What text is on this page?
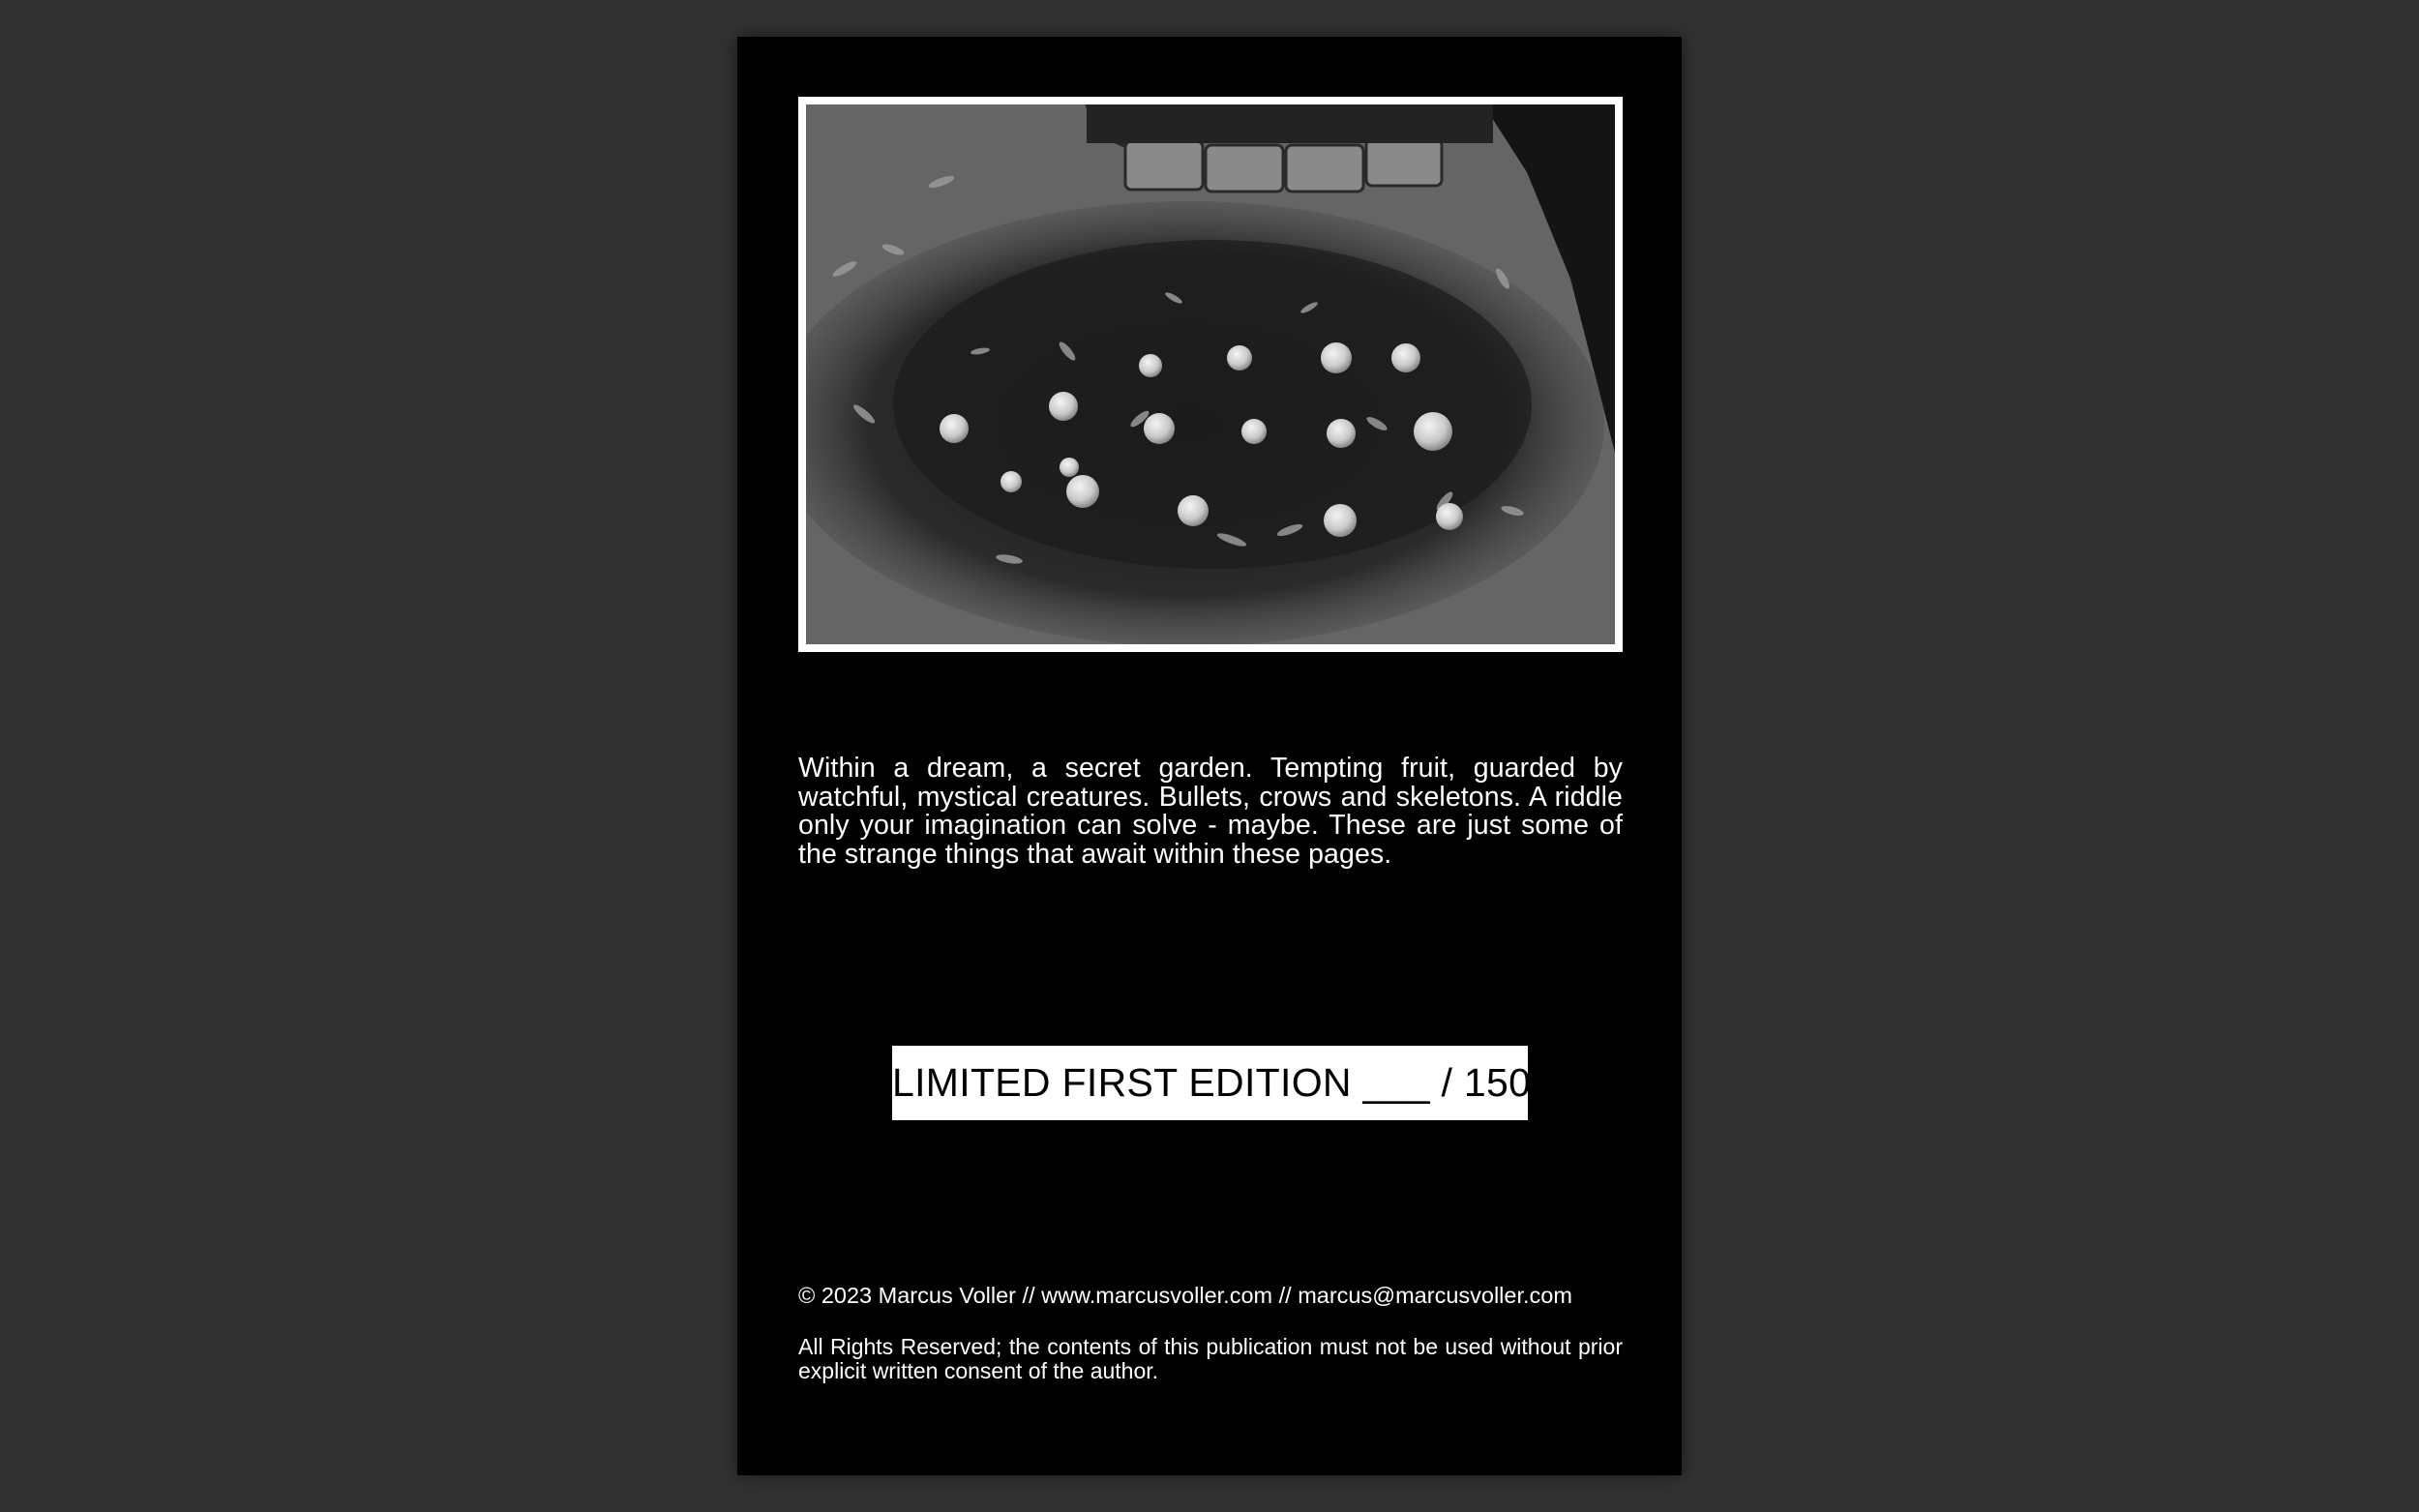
Within a dream, a secret garden. Tempting fruit, guarded by watchful, mystical creatures. Bullets, crows and skeletons. A riddle only your imagination can solve - maybe. These are just some of the strange things that await within these pages.
LIMITED FIRST EDITION ___ / 150
© 2023 Marcus Voller // www.marcusvoller.com // marcus@marcusvoller.com
All Rights Reserved; the contents of this publication must not be used without prior explicit written consent of the author.
